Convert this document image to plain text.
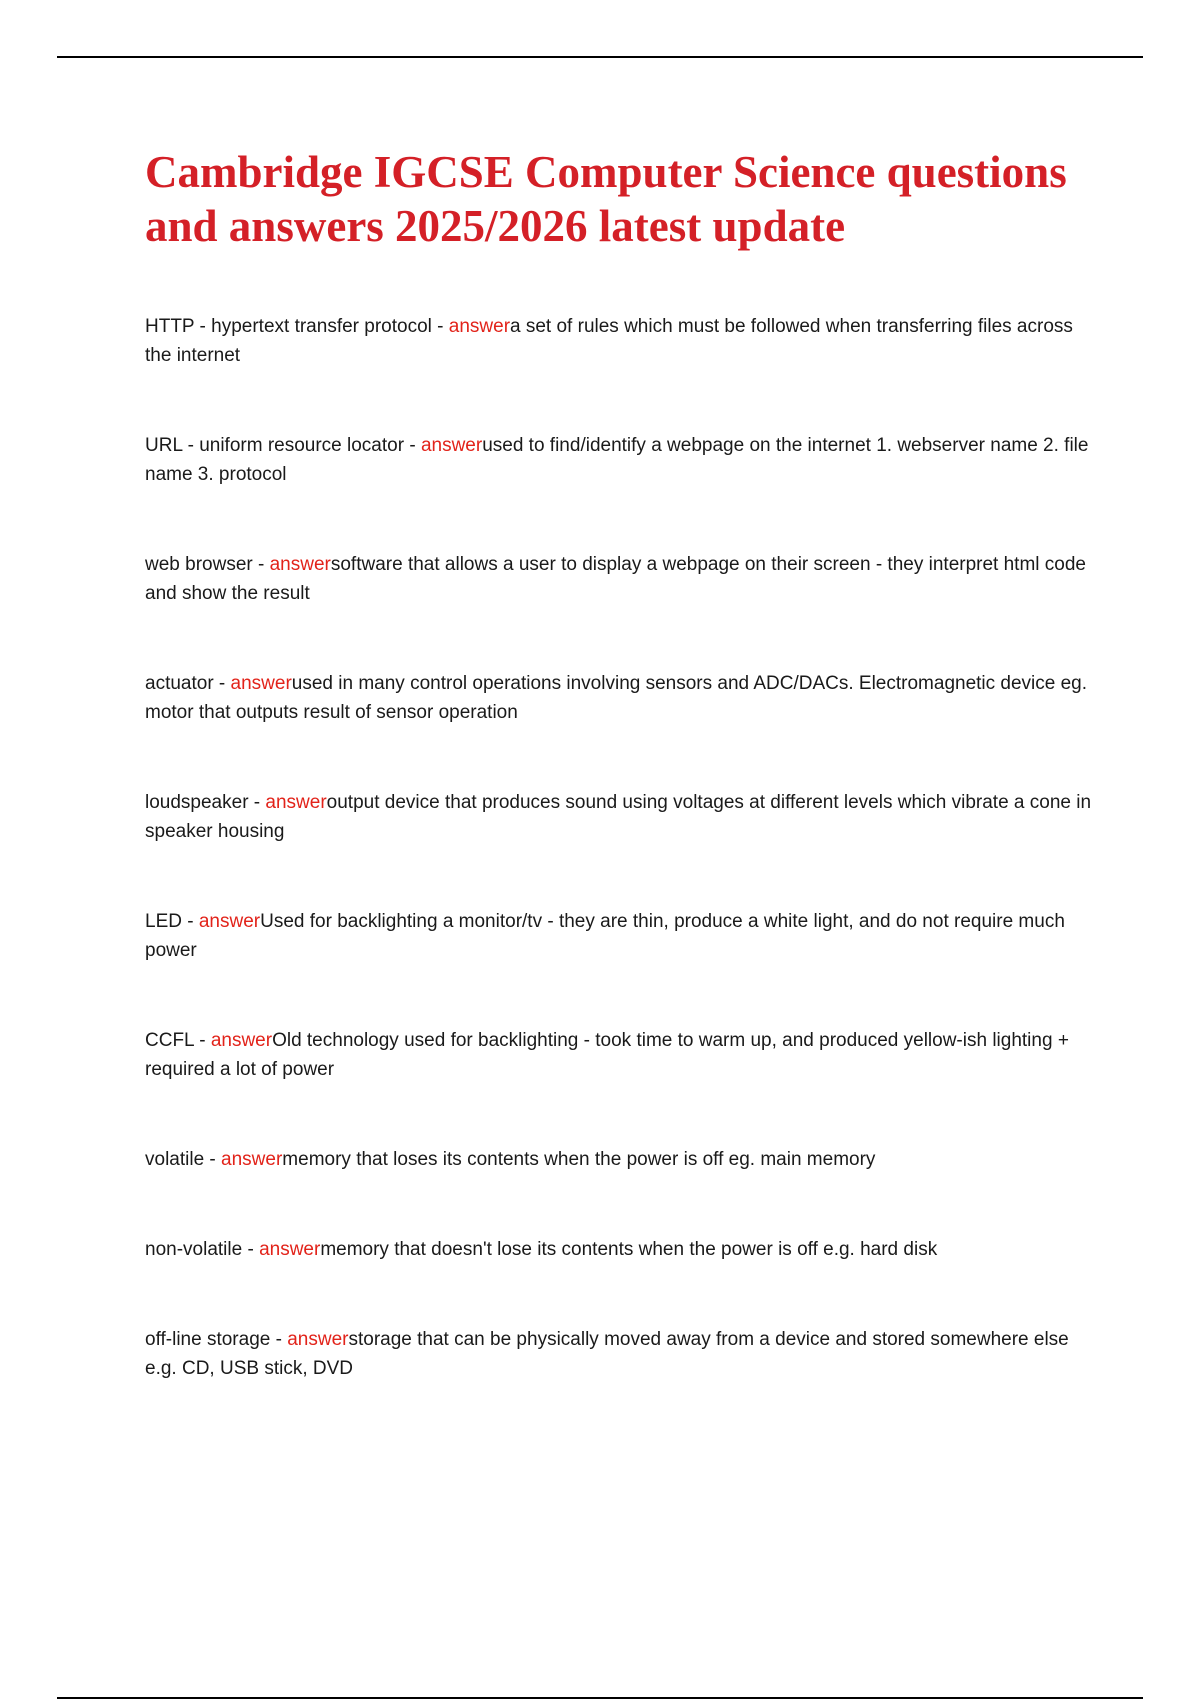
Cambridge IGCSE Computer Science questions and answers 2025/2026 latest update
HTTP - hypertext transfer protocol - answera set of rules which must be followed when transferring files across the internet
URL - uniform resource locator - answerused to find/identify a webpage on the internet 1. webserver name 2. file name 3. protocol
web browser - answersoftware that allows a user to display a webpage on their screen - they interpret html code and show the result
actuator - answerused in many control operations involving sensors and ADC/DACs. Electromagnetic device eg. motor that outputs result of sensor operation
loudspeaker - answeroutput device that produces sound using voltages at different levels which vibrate a cone in speaker housing
LED - answerUsed for backlighting a monitor/tv - they are thin, produce a white light, and do not require much power
CCFL - answerOld technology used for backlighting - took time to warm up, and produced yellow-ish lighting + required a lot of power
volatile - answermemory that loses its contents when the power is off eg. main memory
non-volatile - answermemory that doesn't lose its contents when the power is off e.g. hard disk
off-line storage - answerstorage that can be physically moved away from a device and stored somewhere else e.g. CD, USB stick, DVD
